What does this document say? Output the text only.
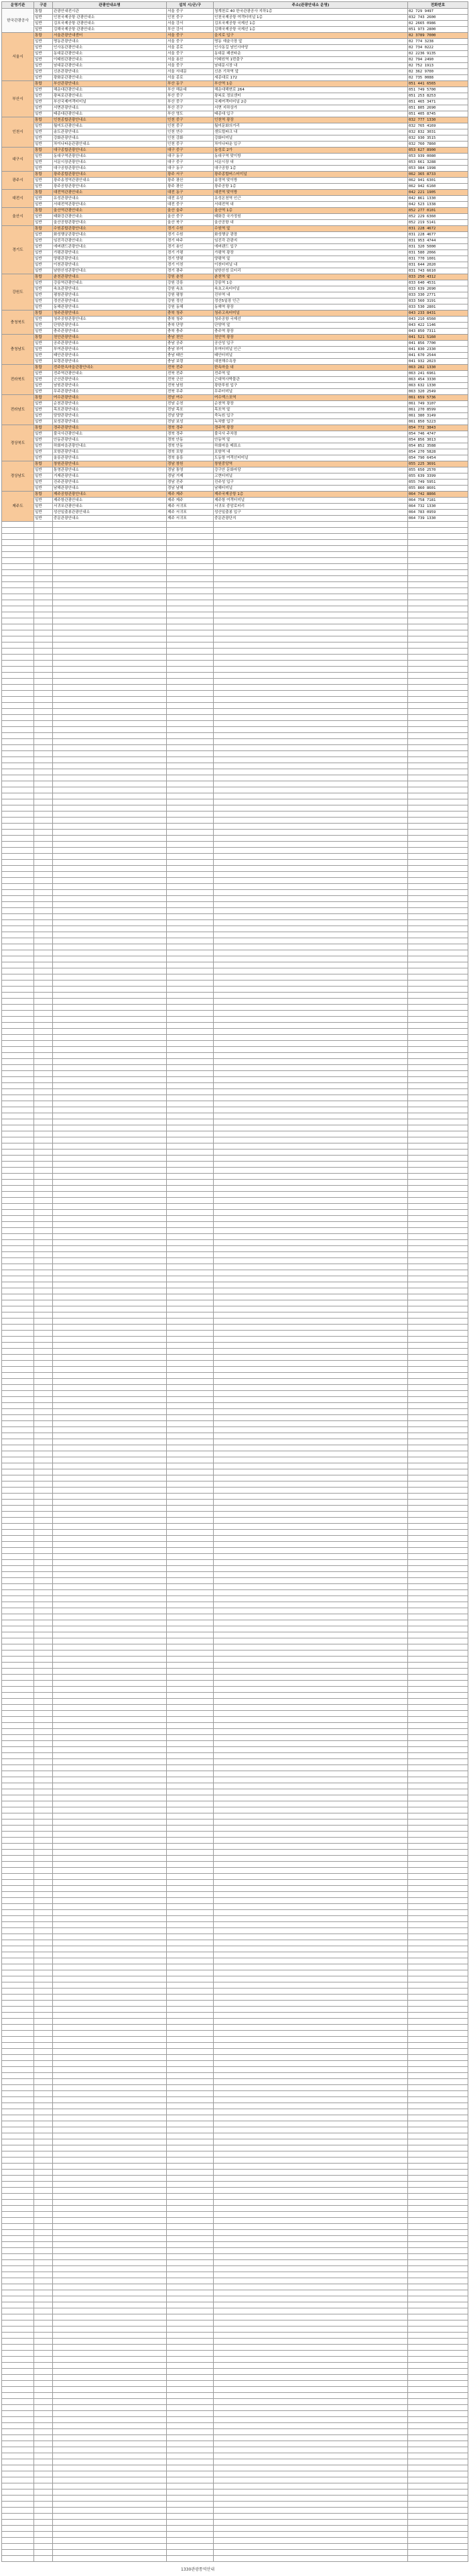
운영기관	구분	관광안내소명	설치 시/군/구	주소(관광안내소 운영)	전화번호
한국관광공사	통합	관광안내전시관	서울 중구	청계천로 40 한국관광공사 지하1층	02 729 9497
	일반	인천국제공항 관광안내소	인천 중구	인천국제공항 여객터미널 1층	032 743 2600
	일반	김포국제공항 관광안내소	서울 강서	김포국제공항 국제선 1층	02 2665 0986
	일반	김해국제공항 관광안내소	부산 강서	김해국제공항 국제선 1층	051 973 2800
서울시	통합	서울관광안내센터	서울 중구	을지로 입구	02 3789 7000
	일반	명동관광안내소	서울 중구	명동 예술극장 앞	02 774 3238
	일반	인사동관광안내소	서울 종로	인사동길 남인사마당	02 734 0222
	일반	동대문관광안내소	서울 중구	동대문 패션타운	02 2236 9135
	일반	이태원관광안내소	서울 용산	이태원역 1번출구	02 794 2490
	일반	남대문관광안내소	서울 중구	남대문시장 내	02 752 1913
	일반	신촌관광안내소	서울 서대문	신촌 기차역 앞	02 362 9700
	일반	광화문관광안내소	서울 종로	세종대로 172	02 735 0088
부산시	통합	부산관광안내소	부산 동구	부산역 1층	051 441 6565
	일반	해운대관광안내소	부산 해운대	해운대해변로 264	051 749 5700
	일반	광복로관광안내소	부산 중구	광복로 정보센터	051 253 8253
	일반	부산국제여객터미널	부산 중구	국제여객터미널 2층	051 465 3471
	일반	서면관광안내소	부산 진구	서면 지하상가	051 805 2690
	일반	태종대관광안내소	부산 영도	태종대 입구	051 405 8745
인천시	통합	인천종합관광안내소	인천 중구	인천역 광장	032 777 1330
	일반	월미도관광안내소	인천 중구	월미문화의거리	032 765 4169
	일반	송도관광안내소	인천 연수	센트럴파크 내	032 832 3031
	일반	강화관광안내소	인천 강화	강화터미널	032 930 3515
	일반	차이나타운관광안내소	인천 중구	차이나타운 입구	032 760 7860
대구시	통합	대구종합관광안내소	대구 중구	동성로 2가	053 627 8900
	일반	동대구역관광안내소	대구 동구	동대구역 맞이방	053 939 0080
	일반	서문시장관광안내소	대구 중구	서문시장 내	053 661 3288
	일반	대구공항관광안내소	대구 동구	대구공항 1층	053 984 1998
광주시	통합	광주종합관광안내소	광주 서구	광주종합버스터미널	062 365 8733
	일반	광주송정역관광안내소	광주 광산	송정역 맞이방	062 941 6301
	일반	광주공항관광안내소	광주 광산	광주공항 1층	062 942 6160
대전시	통합	대전역관광안내소	대전 동구	대전역 맞이방	042 221 1905
	일반	유성관광안내소	대전 유성	유성온천역 인근	042 861 1330
	일반	서대전역관광안내소	대전 중구	서대전역 내	042 523 1338
울산시	통합	울산역관광안내소	울산 울주	울산역 1층	052 277 0101
	일반	태화강관광안내소	울산 중구	태화강 국가정원	052 229 6360
	일반	울산공항관광안내소	울산 북구	울산공항 내	052 219 5141
경기도	통합	수원종합관광안내소	경기 수원	수원역 앞	031 228 4672
	일반	화성행궁관광안내소	경기 수원	화성행궁 광장	031 228 4677
	일반	임진각관광안내소	경기 파주	임진각 관광지	031 953 4744
	일반	에버랜드관광안내소	경기 용인	에버랜드 입구	031 320 5000
	일반	가평관광안내소	경기 가평	가평역 광장	031 580 2066
	일반	양평관광안내소	경기 양평	양평역 앞	031 770 1001
	일반	이천관광안내소	경기 이천	이천터미널 내	031 644 2020
	일반	남한산성관광안내소	경기 광주	남한산성 로터리	031 743 6610
강원도	통합	춘천관광안내소	강원 춘천	춘천역 앞	033 250 4312
	일반	강릉역관광안내소	강원 강릉	강릉역 1층	033 640 4531
	일반	속초관광안내소	강원 속초	속초고속터미널	033 639 2690
	일반	평창관광안내소	강원 평창	진부역 내	033 330 2771
	일반	정선관광안내소	강원 정선	정선5일장 인근	033 560 3191
	일반	동해관광안내소	강원 동해	동해역 광장	033 530 2801
충청북도	통합	청주관광안내소	충북 청주	청주고속터미널	043 233 8431
	일반	청주공항관광안내소	충북 청주	청주공항 국제선	043 210 6560
	일반	단양관광안내소	충북 단양	단양역 앞	043 422 1146
	일반	충주관광안내소	충북 충주	충주역 광장	043 850 7311
충청남도	통합	천안관광안내소	충남 천안	천안역 광장	041 521 5160
	일반	공주관광안내소	충남 공주	공산성 입구	041 856 7700
	일반	부여관광안내소	충남 부여	부여터미널 인근	041 830 2330
	일반	태안관광안내소	충남 태안	태안터미널	041 670 2544
	일반	보령관광안내소	충남 보령	대천해수욕장	041 932 2023
전라북도	통합	전주한옥마을관광안내소	전북 전주	한옥마을 내	063 282 1330
	일반	전주역관광안내소	전북 전주	전주역 앞	063 241 6961
	일반	군산관광안내소	전북 군산	근대역사박물관	063 454 3330
	일반	남원관광안내소	전북 남원	광한루원 입구	063 632 1330
	일반	무주관광안내소	전북 무주	무주터미널	063 320 2549
전라남도	통합	여수관광안내소	전남 여수	여수엑스포역	061 659 5736
	일반	순천관광안내소	전남 순천	순천역 광장	061 749 3107
	일반	목포관광안내소	전남 목포	목포역 앞	061 270 8599
	일반	담양관광안내소	전남 담양	죽녹원 입구	061 380 3149
	일반	보성관광안내소	전남 보성	녹차밭 입구	061 850 5223
경상북도	통합	경주관광안내소	경북 경주	경주역 광장	054 772 3843
	일반	불국사관광안내소	경북 경주	불국사 주차장	054 746 4747
	일반	안동관광안내소	경북 안동	안동역 앞	054 856 3013
	일반	하회마을관광안내소	경북 안동	하회마을 매표소	054 852 3588
	일반	포항관광안내소	경북 포항	포항역 내	054 270 5828
	일반	울릉관광안내소	경북 울릉	도동항 여객선터미널	054 790 6454
경상남도	통합	창원관광안내소	경남 창원	창원중앙역	055 225 3691
	일반	통영관광안내소	경남 통영	강구안 문화마당	055 650 2570
	일반	거제관광안내소	경남 거제	고현터미널	055 639 3399
	일반	진주관광안내소	경남 진주	진주성 입구	055 749 5951
	일반	남해관광안내소	경남 남해	남해터미널	055 860 8601
제주도	통합	제주공항관광안내소	제주 제주	제주국제공항 1층	064 742 8866
	일반	제주항관광안내소	제주 제주	제주항 여객터미널	064 758 7181
	일반	서귀포관광안내소	제주 서귀포	서귀포 중앙로터리	064 732 1330
	일반	성산일출봉관광안내소	제주 서귀포	성산일출봉 입구	064 783 0959
	일반	중문관광안내소	제주 서귀포	중문관광단지	064 739 1330

1330관광통역안내
